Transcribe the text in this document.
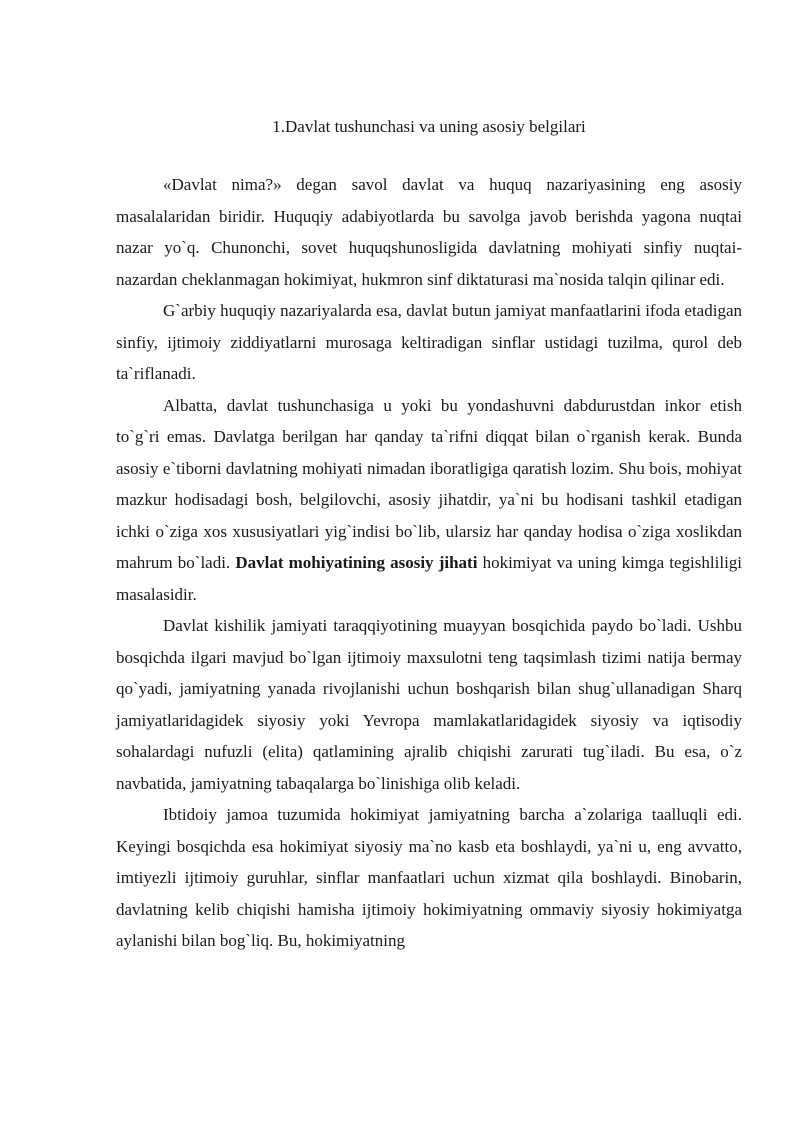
1.Davlat tushunchasi va uning asosiy belgilari

«Davlat nima?» degan savol davlat va huquq nazariyasining eng asosiy masalalaridan biridir. Huquqiy adabiyotlarda bu savolga javob berishda yagona nuqtai nazar yo`q. Chunonchi, sovet huquqshunosligida davlatning mohiyati sinfiy nuqtai-nazardan cheklanmagan hokimiyat, hukmron sinf diktaturasi ma`nosida talqin qilinar edi.

G`arbiy huquqiy nazariyalarda esa, davlat butun jamiyat manfaatlarini ifoda etadigan sinfiy, ijtimoiy ziddiyatlarni murosaga keltiradigan sinflar ustidagi tuzilma, qurol deb ta`riflanadi.

Albatta, davlat tushunchasiga u yoki bu yondashuvni dabdurustdan inkor etish to`g`ri emas. Davlatga berilgan har qanday ta`rifni diqqat bilan o`rganish kerak. Bunda asosiy e`tiborni davlatning mohiyati nimadan iboratligiga qaratish lozim. Shu bois, mohiyat mazkur hodisadagi bosh, belgilovchi, asosiy jihatdir, ya`ni bu hodisani tashkil etadigan ichki o`ziga xos xususiyatlari yig`indisi bo`lib, ularsiz har qanday hodisa o`ziga xoslikdan mahrum bo`ladi. Davlat mohiyatining asosiy jihati hokimiyat va uning kimga tegishliligi masalasidir.

Davlat kishilik jamiyati taraqqiyotining muayyan bosqichida paydo bo`ladi. Ushbu bosqichda ilgari mavjud bo`lgan ijtimoiy maxsulotni teng taqsimlash tizimi natija bermay qo`yadi, jamiyatning yanada rivojlanishi uchun boshqarish bilan shug`ullanadigan Sharq jamiyatlaridagidek siyosiy yoki Yevropa mamlakatlaridagidek siyosiy va iqtisodiy sohalardagi nufuzli (elita) qatlamining ajralib chiqishi zarurati tug`iladi. Bu esa, o`z navbatida, jamiyatning tabaqalarga bo`linishiga olib keladi.

Ibtidoiy jamoa tuzumida hokimiyat jamiyatning barcha a`zolariga taalluqli edi. Keyingi bosqichda esa hokimiyat siyosiy ma`no kasb eta boshlaydi, ya`ni u, eng avvatto, imtiyezli ijtimoiy guruhlar, sinflar manfaatlari uchun xizmat qila boshlaydi. Binobarin, davlatning kelib chiqishi hamisha ijtimoiy hokimiyatning ommaviy siyosiy hokimiyatga aylanishi bilan bog`liq. Bu, hokimiyatning
